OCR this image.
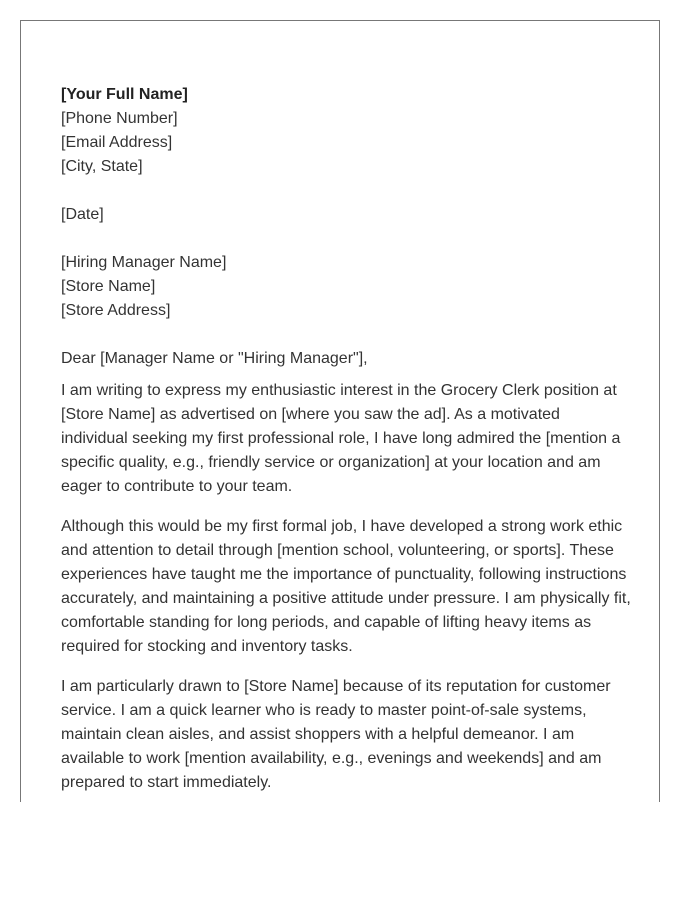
[Your Full Name]
[Phone Number]
[Email Address]
[City, State]
[Date]
[Hiring Manager Name]
[Store Name]
[Store Address]
Dear [Manager Name or "Hiring Manager"],

I am writing to express my enthusiastic interest in the Grocery Clerk position at [Store Name] as advertised on [where you saw the ad]. As a motivated individual seeking my first professional role, I have long admired the [mention a specific quality, e.g., friendly service or organization] at your location and am eager to contribute to your team.

Although this would be my first formal job, I have developed a strong work ethic and attention to detail through [mention school, volunteering, or sports]. These experiences have taught me the importance of punctuality, following instructions accurately, and maintaining a positive attitude under pressure. I am physically fit, comfortable standing for long periods, and capable of lifting heavy items as required for stocking and inventory tasks.

I am particularly drawn to [Store Name] because of its reputation for customer service. I am a quick learner who is ready to master point-of-sale systems, maintain clean aisles, and assist shoppers with a helpful demeanor. I am available to work [mention availability, e.g., evenings and weekends] and am prepared to start immediately.
